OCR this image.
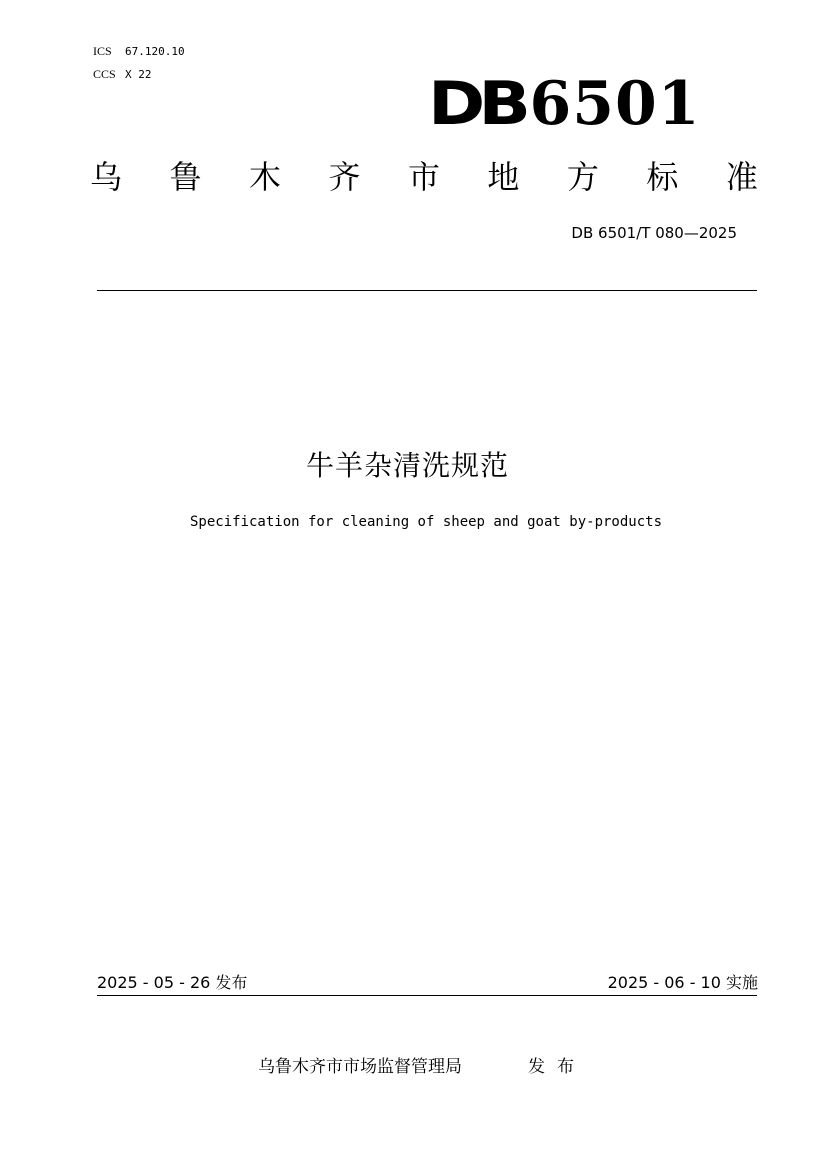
ICS 67.120.10
CCS X 22	DB 6501
乌 鲁 木 齐 市 地 方 标 准
DB 6501/T 080—2025
牛羊杂清洗规范
Specification for cleaning of sheep and goat by-products
2025 - 05 - 26 发布	2025 - 06 - 10 实施
乌鲁木齐市市场监督管理局	发布
